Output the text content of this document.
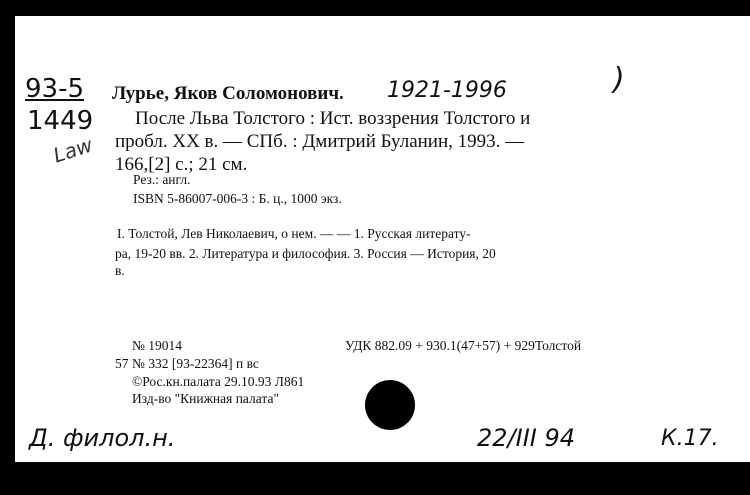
93-5
1449
Law
Лурье, Яков Соломонович. 1921-1996	)
После Льва Толстого : Ист. воззрения Толстого и
пробл. XX в. — СПб. : Дмитрий Буланин, 1993. —
166,[2] с.; 21 см.
Рез.: англ.
ISBN 5-86007-006-3 : Б. ц., 1000 экз.
I. Толстой, Лев Николаевич, о нем. — — 1. Русская литерату-
ра, 19-20 вв. 2. Литература и философия. 3. Россия — История, 20
в.
№ 19014	УДК 882.09 + 930.1(47+57) + 929Толстой
57 № 332 [93-22364] п вс
©Рос.кн.палата 29.10.93 Л861
Изд-во "Книжная палата"
Д. филол.н.	22/III 94	К.17.
